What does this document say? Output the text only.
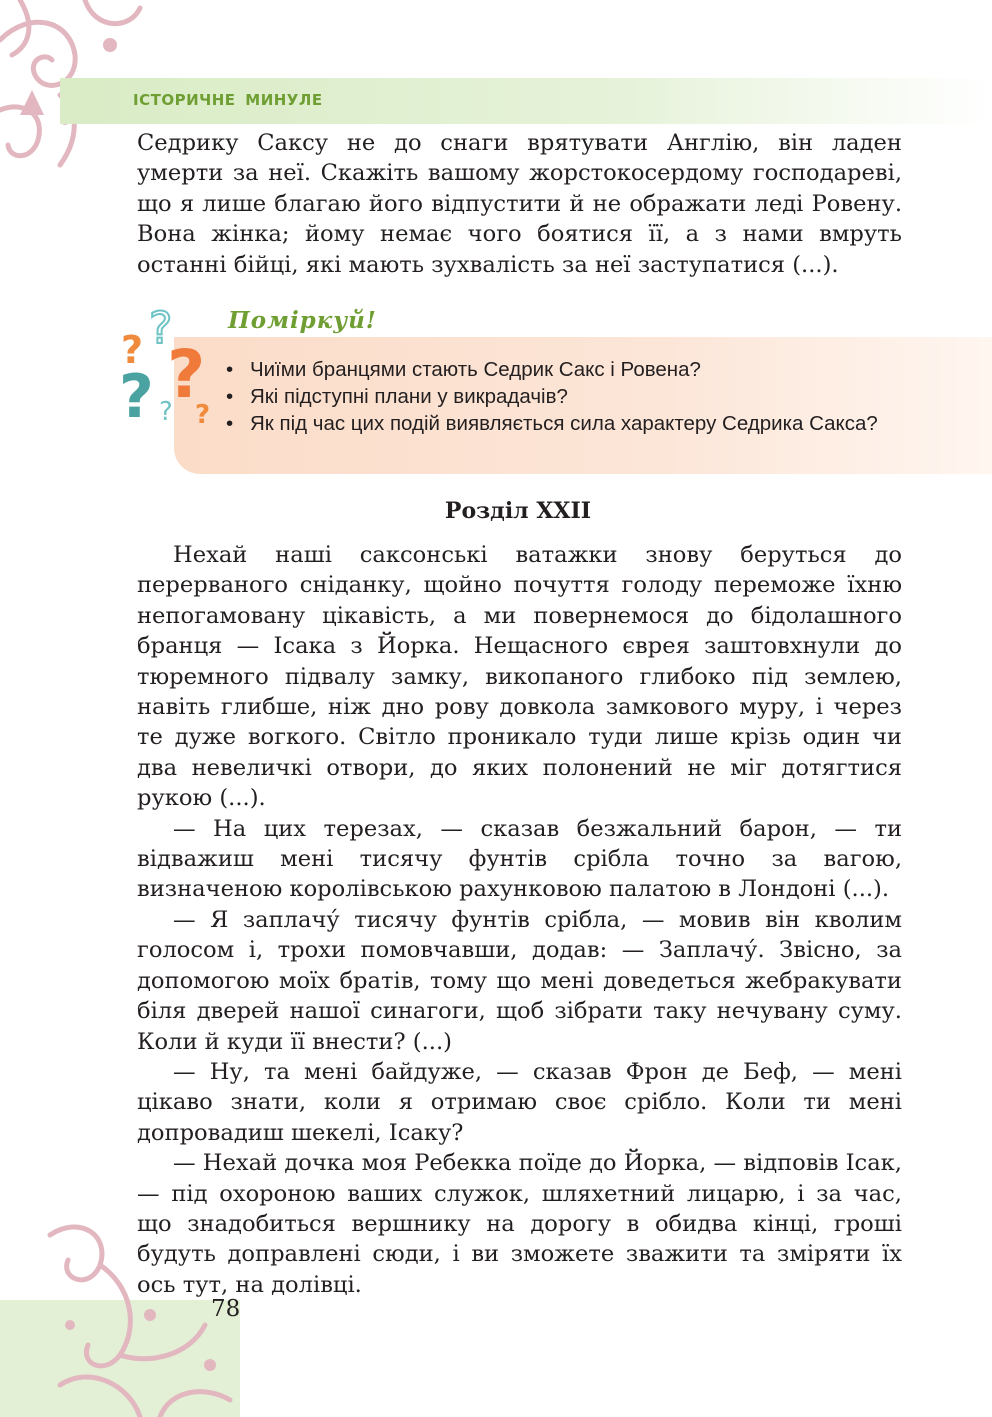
ІСТОРИЧНЕ МИНУЛЕ

Седрику Саксу не до снаги врятувати Англію, він ладен умерти за неї. Скажіть вашому жорстокосердому господареві, що я лише благаю його відпустити й не ображати леді Ровену. Вона жінка; йому немає чого боятися її, а з нами вмруть останні бійці, які мають зухвалість за неї заступатися (...).

? ?
?
? ? ?
Поміркуй!
• Чиїми бранцями стають Седрик Сакс і Ровена?
• Які підступні плани у викрадачів?
• Як під час цих подій виявляється сила характеру Седрика Сакса?
Розділ XXII

Нехай наші саксонські ватажки знову беруться до перерваного сніданку, щойно почуття голоду переможе їхню непогамовану цікавість, а ми повернемося до бідолашного бранця — Ісака з Йорка. Нещасного єврея заштовхнули до тюремного підвалу замку, викопаного глибоко під землею, навіть глибше, ніж дно рову довкола замкового муру, і через те дуже вогкого. Світло проникало туди лише крізь один чи два невеличкі отвори, до яких полонений не міг дотягтися рукою (...).

— На цих терезах, — сказав безжальний барон, — ти відважиш мені тисячу фунтів срібла точно за вагою, визначеною королівською рахунковою палатою в Лондоні (...).

— Я заплачу́ тисячу фунтів срібла, — мовив він кволим голосом і, трохи помовчавши, додав: — Заплачу́. Звісно, за допомогою моїх братів, тому що мені доведеться жебракувати біля дверей нашої синагоги, щоб зібрати таку нечувану суму. Коли й куди її внести? (...)

— Ну, та мені байдуже, — сказав Фрон де Беф, — мені цікаво знати, коли я отримаю своє срібло. Коли ти мені допровадиш шекелі, Ісаку?

— Нехай дочка моя Ребекка поїде до Йорка, — відповів Ісак, — під охороною ваших служок, шляхетний лицарю, і за час, що знадобиться вершнику на дорогу в обидва кінці, гроші будуть доправлені сюди, і ви зможете зважити та зміряти їх ось тут, на долівці.

78
